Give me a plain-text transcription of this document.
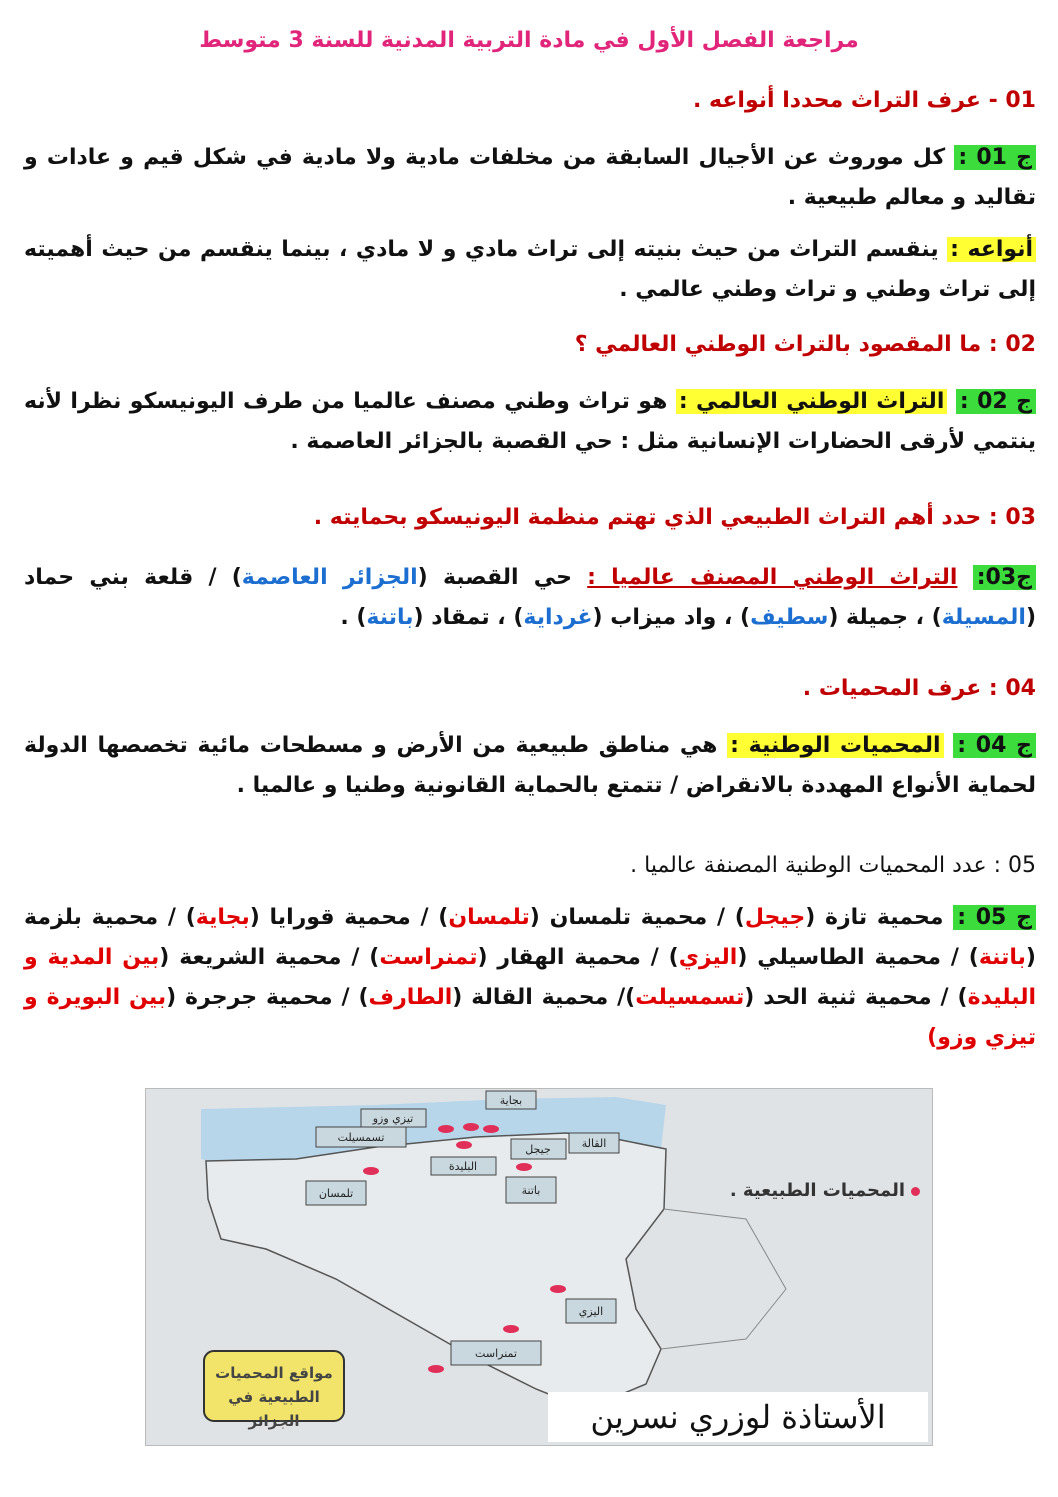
مراجعة الفصل الأول في مادة التربية المدنية للسنة 3 متوسط
01 - عرف التراث محددا أنواعه .
ج 01 : كل موروث عن الأجيال السابقة من مخلفات مادية ولا مادية في شكل قيم و عادات و تقاليد و معالم طبيعية .
أنواعه : ينقسم التراث من حيث بنيته إلى تراث مادي و لا مادي ، بينما ينقسم من حيث أهميته إلى تراث وطني و تراث وطني عالمي .
02 : ما المقصود بالتراث الوطني العالمي ؟
ج 02 : التراث الوطني العالمي : هو تراث وطني مصنف عالميا من طرف اليونيسكو نظرا لأنه ينتمي لأرقى الحضارات الإنسانية مثل : حي القصبة بالجزائر العاصمة .
03 : حدد أهم التراث الطبيعي الذي تهتم منظمة اليونيسكو بحمايته .
ج03: التراث الوطني المصنف عالميا : حي القصبة (الجزائر العاصمة) / قلعة بني حماد (المسيلة) ، جميلة (سطيف) ، واد ميزاب (غرداية) ، تمقاد (باتنة) .
04 : عرف المحميات .
ج 04 : المحميات الوطنية : هي مناطق طبيعية من الأرض و مسطحات مائية تخصصها الدولة لحماية الأنواع المهددة بالانقراض / تتمتع بالحماية القانونية وطنيا و عالميا .
05 : عدد المحميات الوطنية المصنفة عالميا .
ج 05 : محمية تازة (جيجل) / محمية تلمسان (تلمسان) / محمية قورايا (بجاية) / محمية بلزمة (باتنة) / محمية الطاسيلي (اليزي) / محمية الهقار (تمنراست) / محمية الشريعة (بين المدية و البليدة) / محمية ثنية الحد (تسمسيلت)/ محمية القالة (الطارف) / محمية جرجرة (بين البويرة و تيزي وزو)
بجاية
تيزي وزو
تسمسيلت	القالة
جيجل
البليدة
باتنة
تلمسان
اليزي
تمنراست
مواقع المحميات الطبيعية في الجزائر
المحميات الطبيعية .
الأستاذة لوزري نسرين
